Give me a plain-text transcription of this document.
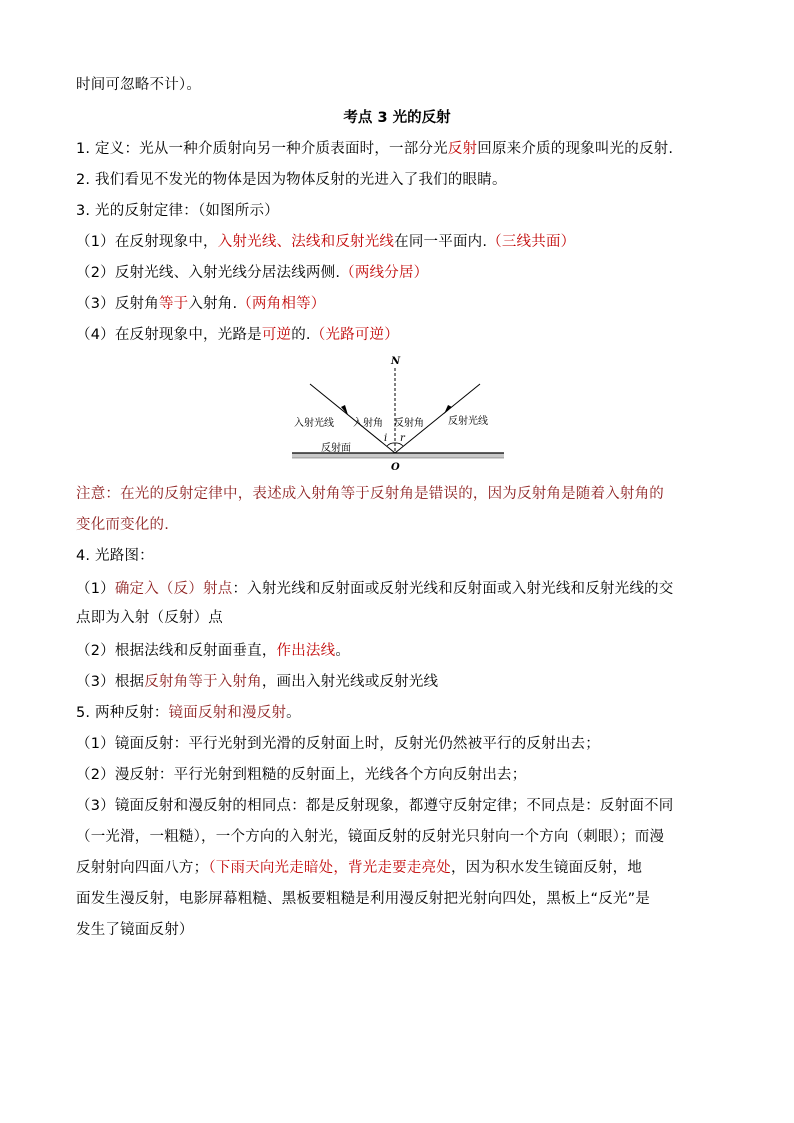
时间可忽略不计）。
考点 3 光的反射
1. 定义：光从一种介质射向另一种介质表面时，一部分光反射回原来介质的现象叫光的反射.
2. 我们看见不发光的物体是因为物体反射的光进入了我们的眼睛。
3. 光的反射定律：（如图所示）
（1）在反射现象中，入射光线、法线和反射光线在同一平面内.（三线共面）
（2）反射光线、入射光线分居法线两侧.（两线分居）
（3）反射角等于入射角.（两角相等）
（4）在反射现象中，光路是可逆的.（光路可逆）
N
入射光线 入射角 反射角 反射光线
i r
反射面
O
注意：在光的反射定律中，表述成入射角等于反射角是错误的，因为反射角是随着入射角的
变化而变化的.
4. 光路图：
（1）确定入（反）射点：入射光线和反射面或反射光线和反射面或入射光线和反射光线的交
点即为入射（反射）点
（2）根据法线和反射面垂直，作出法线。
（3）根据反射角等于入射角，画出入射光线或反射光线
5. 两种反射：镜面反射和漫反射。
（1）镜面反射：平行光射到光滑的反射面上时，反射光仍然被平行的反射出去；
（2）漫反射：平行光射到粗糙的反射面上，光线各个方向反射出去；
（3）镜面反射和漫反射的相同点：都是反射现象，都遵守反射定律；不同点是：反射面不同
（一光滑，一粗糙），一个方向的入射光，镜面反射的反射光只射向一个方向（刺眼）；而漫
反射射向四面八方；（下雨天向光走暗处，背光走要走亮处，因为积水发生镜面反射，地
面发生漫反射，电影屏幕粗糙、黑板要粗糙是利用漫反射把光射向四处，黑板上“反光”是
发生了镜面反射）
